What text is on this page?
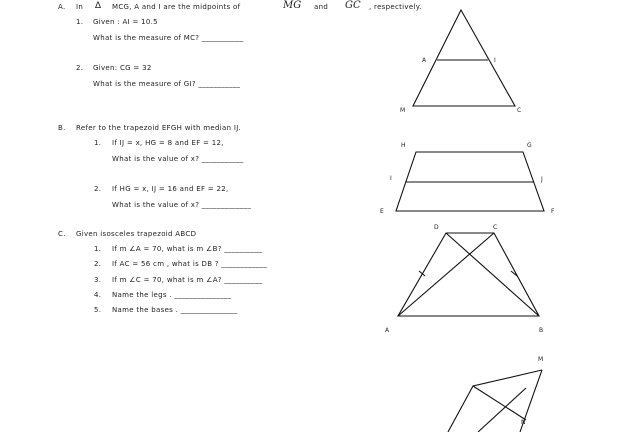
A. In ∆ MCG, A and I are the midpoints of	MG and GC , respectively.
1. Given : AI = 10.5
What is the measure of MC? ___________
2. Given: CG = 32
What is the measure of GI? ___________
B. Refer to the trapezoid EFGH with median IJ.
1. If IJ = x, HG = 8 and EF = 12,
What is the value of x? ___________
2. If HG = x, IJ = 16 and EF = 22,
What is the value of x? _____________
C. Given isosceles trapezoid ABCD
1. If m ∠A = 70, what is m ∠B? __________
2. If AC = 56 cm , what is DB ? ____________
3. If m ∠C = 70, what is m ∠A? __________
4. Name the legs . _______________
5. Name the bases . _______________
A	I
M	C
H	G
I	J
E	F
D	C
A	B
M
N
